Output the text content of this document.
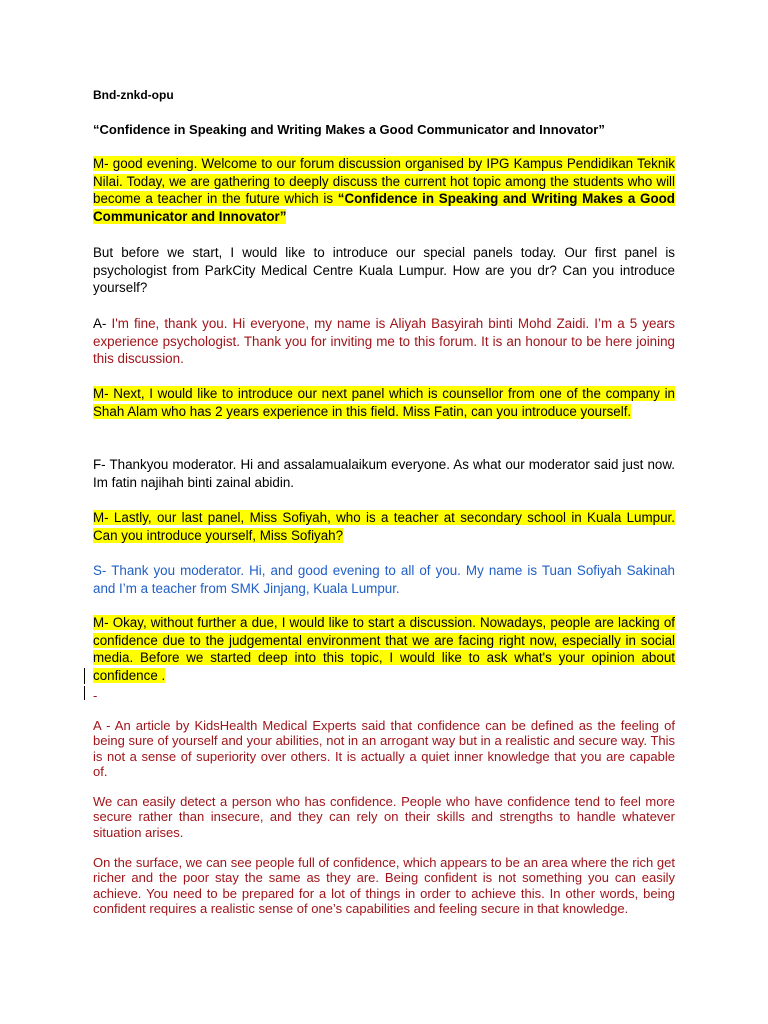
Bnd-znkd-opu
“Confidence in Speaking and Writing Makes a Good Communicator and Innovator”
M- good evening. Welcome to our forum discussion organised by IPG Kampus Pendidikan Teknik Nilai. Today, we are gathering to deeply discuss the current hot topic among the students who will become a teacher in the future which is “Confidence in Speaking and Writing Makes a Good Communicator and Innovator”
But before we start, I would like to introduce our special panels today. Our first panel is psychologist from ParkCity Medical Centre Kuala Lumpur. How are you dr? Can you introduce yourself?
A- I'm fine, thank you. Hi everyone, my name is Aliyah Basyirah binti Mohd Zaidi. I’m a 5 years experience psychologist. Thank you for inviting me to this forum. It is an honour to be here joining this discussion.
M- Next, I would like to introduce our next panel which is counsellor from one of the company in Shah Alam who has 2 years experience in this field. Miss Fatin, can you introduce yourself.
F- Thankyou moderator. Hi and assalamualaikum everyone. As what our moderator said just now. Im fatin najihah binti zainal abidin.
M- Lastly, our last panel, Miss Sofiyah, who is a teacher at secondary school in Kuala Lumpur. Can you introduce yourself, Miss Sofiyah?
S- Thank you moderator. Hi, and good evening to all of you. My name is Tuan Sofiyah Sakinah and I’m a teacher from SMK Jinjang, Kuala Lumpur.
M- Okay, without further a due, I would like to start a discussion. Nowadays, people are lacking of confidence due to the judgemental environment that we are facing right now, especially in social media. Before we started deep into this topic, I would like to ask what's your opinion about confidence .
-
A - An article by KidsHealth Medical Experts said that confidence can be defined as the feeling of being sure of yourself and your abilities, not in an arrogant way but in a realistic and secure way. This is not a sense of superiority over others. It is actually a quiet inner knowledge that you are capable of.
We can easily detect a person who has confidence. People who have confidence tend to feel more secure rather than insecure, and they can rely on their skills and strengths to handle whatever situation arises.
On the surface, we can see people full of confidence, which appears to be an area where the rich get richer and the poor stay the same as they are. Being confident is not something you can easily achieve. You need to be prepared for a lot of things in order to achieve this. In other words, being confident requires a realistic sense of one’s capabilities and feeling secure in that knowledge.
